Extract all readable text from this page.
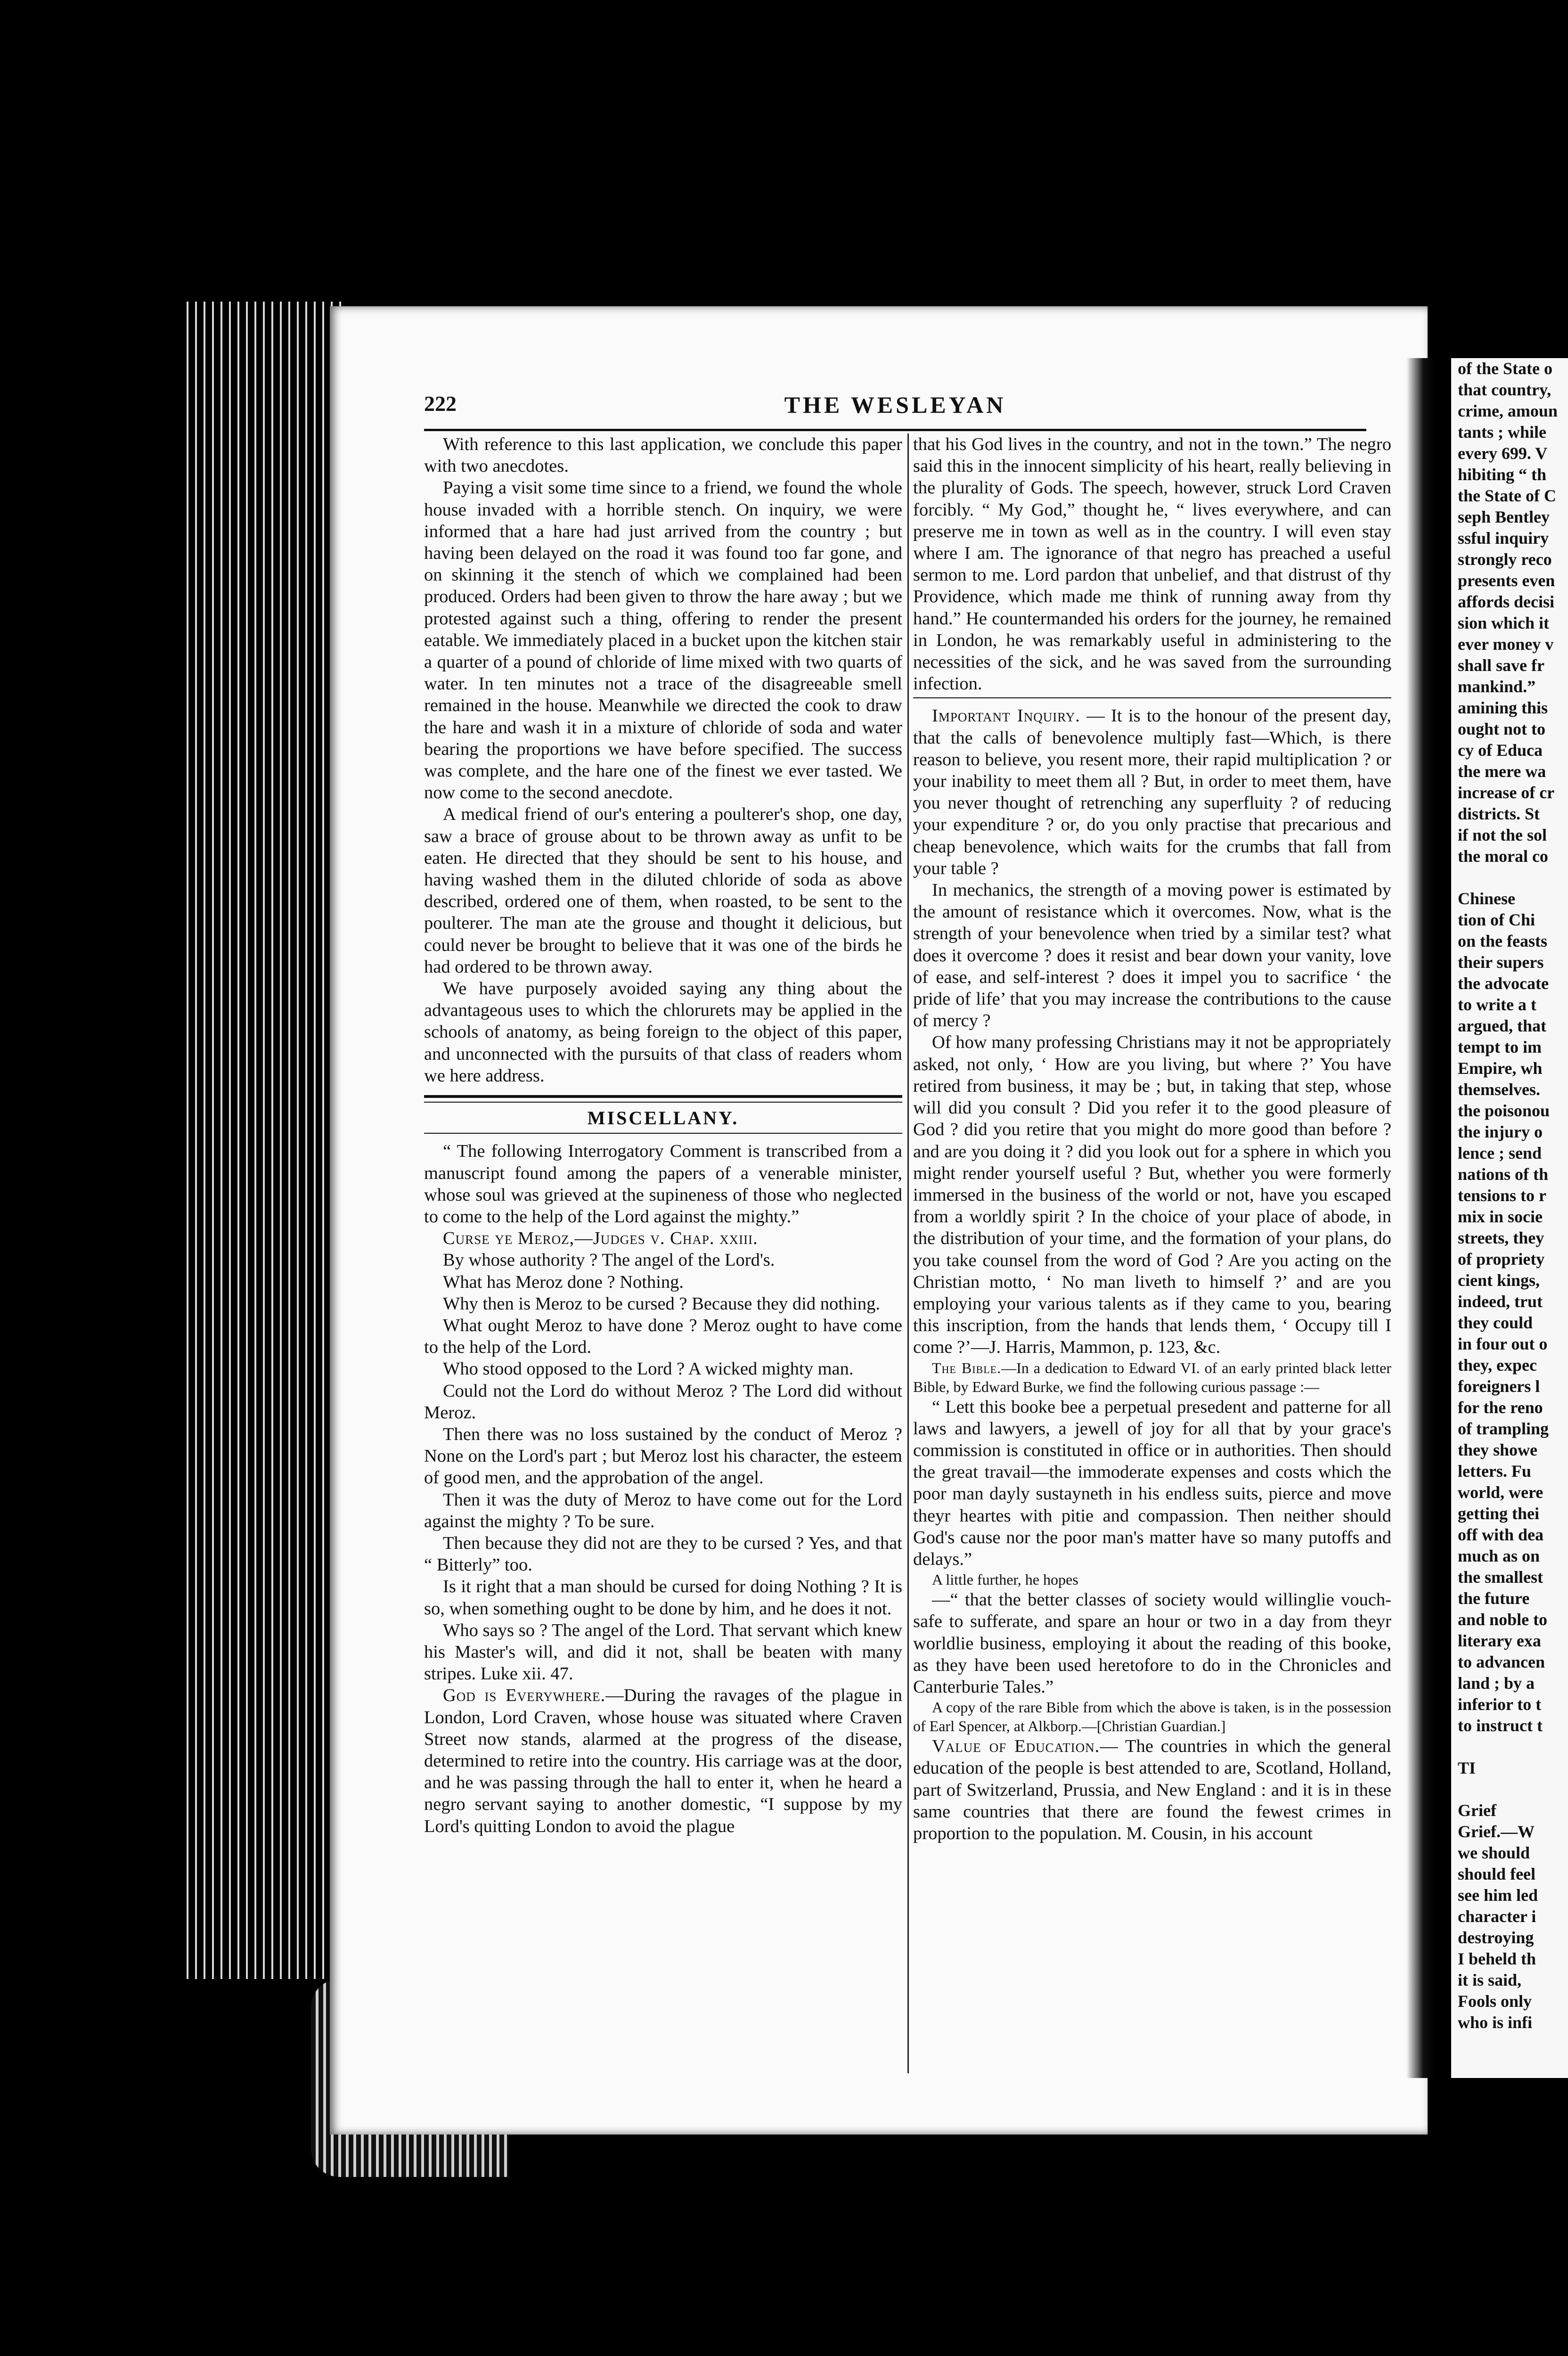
222	THE WESLEYAN

With reference to this last application, we conclude this paper with two anecdotes.

Paying a visit some time since to a friend, we found the whole house invaded with a horrible stench. On inquiry, we were informed that a hare had just arrived from the country ; but having been delayed on the road it was found too far gone, and on skinning it the stench of which we complained had been produced. Orders had been given to throw the hare away ; but we protested against such a thing, offering to render the present eatable. We immediately placed in a bucket upon the kitchen stair a quarter of a pound of chloride of lime mixed with two quarts of water. In ten minutes not a trace of the disagreeable smell remained in the house. Meanwhile we directed the cook to draw the hare and wash it in a mixture of chloride of soda and water bearing the proportions we have before specified. The success was complete, and the hare one of the finest we ever tasted. We now come to the second anecdote.

A medical friend of our's entering a poulterer's shop, one day, saw a brace of grouse about to be thrown away as unfit to be eaten. He directed that they should be sent to his house, and having washed them in the diluted chloride of soda as above described, ordered one of them, when roasted, to be sent to the poulterer. The man ate the grouse and thought it delicious, but could never be brought to believe that it was one of the birds he had ordered to be thrown away.

We have purposely avoided saying any thing about the advantageous uses to which the chlorurets may be applied in the schools of anatomy, as being foreign to the object of this paper, and unconnected with the pursuits of that class of readers whom we here address.

MISCELLANY.

“ The following Interrogatory Comment is transcribed from a manuscript found among the papers of a venerable minister, whose soul was grieved at the supineness of those who neglected to come to the help of the Lord against the mighty.”

Curse ye Meroz,—Judges v. Chap. xxiii.

By whose authority ? The angel of the Lord's.

What has Meroz done ? Nothing.

Why then is Meroz to be cursed ? Because they did nothing.

What ought Meroz to have done ? Meroz ought to have come to the help of the Lord.

Who stood opposed to the Lord ? A wicked mighty man.

Could not the Lord do without Meroz ? The Lord did without Meroz.

Then there was no loss sustained by the conduct of Meroz ? None on the Lord's part ; but Meroz lost his character, the esteem of good men, and the approbation of the angel.

Then it was the duty of Meroz to have come out for the Lord against the mighty ? To be sure.

Then because they did not are they to be cursed ? Yes, and that “ Bitterly” too.

Is it right that a man should be cursed for doing Nothing ? It is so, when something ought to be done by him, and he does it not.

Who says so ? The angel of the Lord. That servant which knew his Master's will, and did it not, shall be beaten with many stripes. Luke xii. 47.

God is Everywhere.—During the ravages of the plague in London, Lord Craven, whose house was situated where Craven Street now stands, alarmed at the progress of the disease, determined to retire into the country. His carriage was at the door, and he was passing through the hall to enter it, when he heard a negro servant saying to another domestic, “I suppose by my Lord's quitting London to avoid the plague

that his God lives in the country, and not in the town.” The negro said this in the innocent simplicity of his heart, really believing in the plurality of Gods. The speech, however, struck Lord Craven forcibly. “ My God,” thought he, “ lives everywhere, and can preserve me in town as well as in the country. I will even stay where I am. The ignorance of that negro has preached a useful sermon to me. Lord pardon that unbelief, and that distrust of thy Providence, which made me think of running away from thy hand.” He countermanded his orders for the journey, he remained in London, he was remarkably useful in administering to the necessities of the sick, and he was saved from the surrounding infection.

Important Inquiry. — It is to the honour of the present day, that the calls of benevolence multiply fast—Which, is there reason to believe, you resent more, their rapid multiplication ? or your inability to meet them all ? But, in order to meet them, have you never thought of retrenching any superfluity ? of reducing your expenditure ? or, do you only practise that precarious and cheap benevolence, which waits for the crumbs that fall from your table ?

In mechanics, the strength of a moving power is estimated by the amount of resistance which it overcomes. Now, what is the strength of your benevolence when tried by a similar test? what does it overcome ? does it resist and bear down your vanity, love of ease, and self-interest ? does it impel you to sacrifice ‘ the pride of life’ that you may increase the contributions to the cause of mercy ?

Of how many professing Christians may it not be appropriately asked, not only, ‘ How are you living, but where ?’ You have retired from business, it may be ; but, in taking that step, whose will did you consult ? Did you refer it to the good pleasure of God ? did you retire that you might do more good than before ? and are you doing it ? did you look out for a sphere in which you might render yourself useful ? But, whether you were formerly immersed in the business of the world or not, have you escaped from a worldly spirit ? In the choice of your place of abode, in the distribution of your time, and the formation of your plans, do you take counsel from the word of God ? Are you acting on the Christian motto, ‘ No man liveth to himself ?’ and are you employing your various talents as if they came to you, bearing this inscription, from the hands that lends them, ‘ Occupy till I come ?’—J. Harris, Mammon, p. 123, &c.

The Bible.—In a dedication to Edward VI. of an early printed black letter Bible, by Edward Burke, we find the following curious passage :—

“ Lett this booke bee a perpetual presedent and patterne for all laws and lawyers, a jewell of joy for all that by your grace's commission is constituted in office or in authorities. Then should the great travail—the immoderate expenses and costs which the poor man dayly sustayneth in his endless suits, pierce and move theyr heartes with pitie and compassion. Then neither should God's cause nor the poor man's matter have so many putoffs and delays.”

A little further, he hopes

—“ that the better classes of society would willinglie vouch-safe to sufferate, and spare an hour or two in a day from theyr worldlie business, employing it about the reading of this booke, as they have been used heretofore to do in the Chronicles and Canterburie Tales.”

A copy of the rare Bible from which the above is taken, is in the possession of Earl Spencer, at Alkborp.—[Christian Guardian.]

Value of Education.— The countries in which the general education of the people is best attended to are, Scotland, Holland, part of Switzerland, Prussia, and New England : and it is in these same countries that there are found the fewest crimes in proportion to the population. M. Cousin, in his account

of the State o
that country,
crime, amoun
tants ; while
every 699. V
hibiting “ th
the State of C
seph Bentley
ssful inquiry
strongly reco
presents even
affords decisi
sion which it
ever money v
shall save fr
mankind.”
amining this
ought not to
cy of Educa
the mere wa
increase of cr
districts. St
if not the sol
the moral co
Chinese
tion of Chi
on the feasts
their supers
the advocate
to write a t
argued, that
tempt to im
Empire, wh
themselves.
the poisonou
the injury o
lence ; send
nations of th
tensions to r
mix in socie
streets, they
of propriety
cient kings,
indeed, trut
they could
in four out o
they, expec
foreigners l
for the reno
of trampling
they showe
letters. Fu
world, were
getting thei
off with dea
much as on
the smallest
the future
and noble to
literary exa
to advancen
land ; by a
inferior to t
to instruct t
TI
Grief
Grief.—W
we should
should feel
see him led
character i
destroying
I beheld th
it is said,
Fools only
who is infi
